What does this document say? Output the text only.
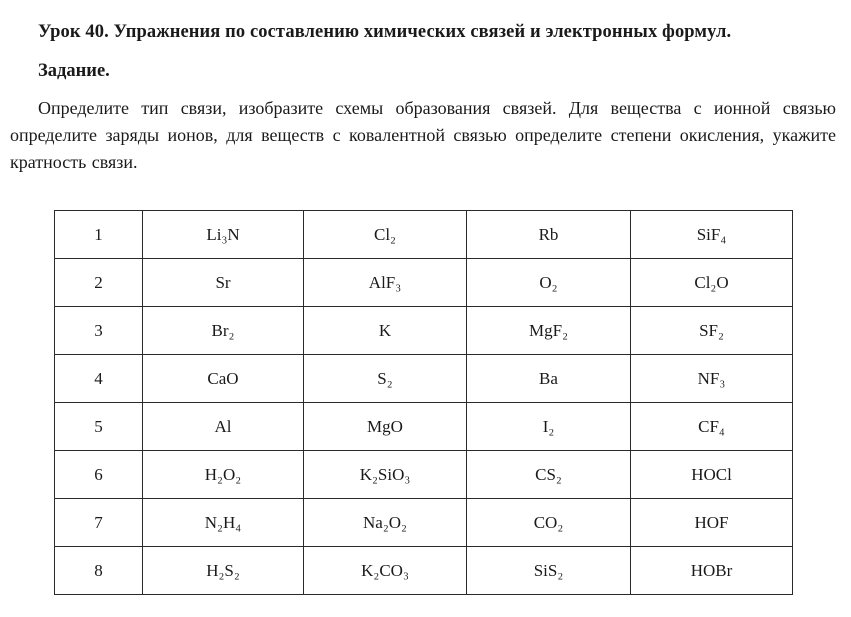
Урок 40. Упражнения по составлению химических связей и электронных формул.
Задание.
Определите тип связи, изобразите схемы образования связей. Для вещества с ионной связью определите заряды ионов, для веществ с ковалентной связью определите степени окисления, укажите кратность связи.
1	Li₃N	Cl₂	Rb	SiF₄
2	Sr	AlF₃	O₂	Cl₂O
3	Br₂	K	MgF₂	SF₂
4	CaO	S₂	Ba	NF₃
5	Al	MgO	I₂	CF₄
6	H₂O₂	K₂SiO₃	CS₂	HOCl
7	N₂H₄	Na₂O₂	CO₂	HOF
8	H₂S₂	K₂CO₃	SiS₂	HOBr
